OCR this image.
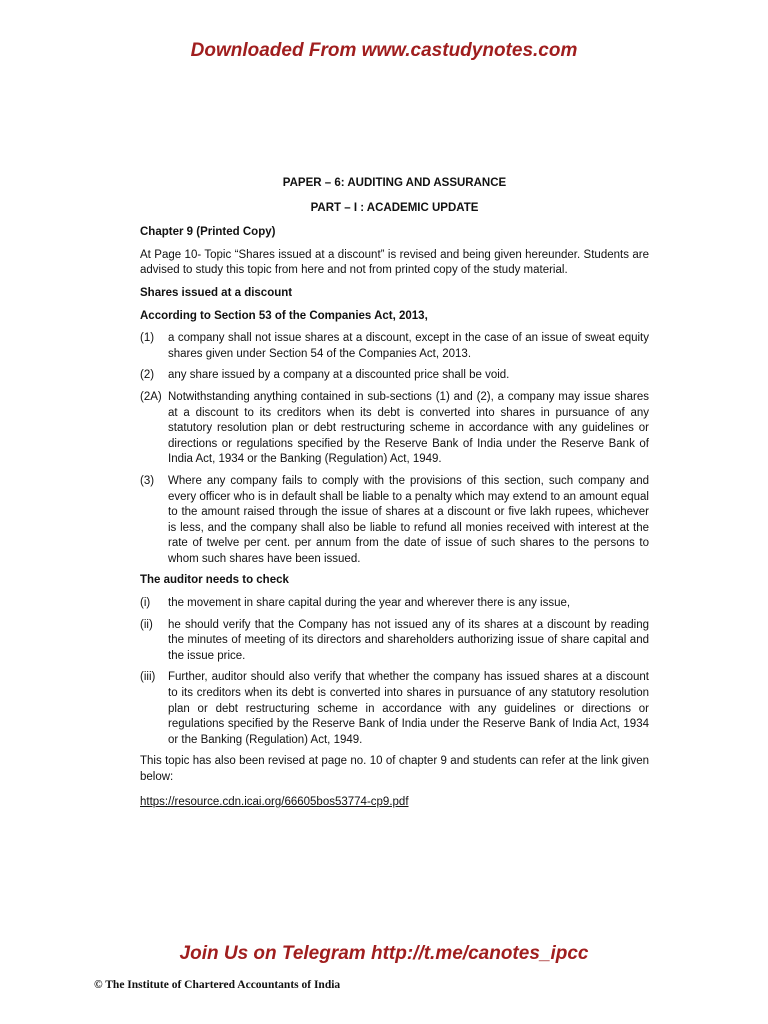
Downloaded From www.castudynotes.com
PAPER – 6: AUDITING AND ASSURANCE
PART – I : ACADEMIC UPDATE
Chapter 9 (Printed Copy)

At Page 10- Topic “Shares issued at a discount” is revised and being given hereunder. Students are advised to study this topic from here and not from printed copy of the study material.

Shares issued at a discount
According to Section 53 of the Companies Act, 2013,
(1)	a company shall not issue shares at a discount, except in the case of an issue of sweat equity shares given under Section 54 of the Companies Act, 2013.
(2)	any share issued by a company at a discounted price shall be void.
(2A) Notwithstanding anything contained in sub-sections (1) and (2), a company may issue shares at a discount to its creditors when its debt is converted into shares in pursuance of any statutory resolution plan or debt restructuring scheme in accordance with any guidelines or directions or regulations specified by the Reserve Bank of India under the Reserve Bank of India Act, 1934 or the Banking (Regulation) Act, 1949.
(3)	Where any company fails to comply with the provisions of this section, such company and every officer who is in default shall be liable to a penalty which may extend to an amount equal to the amount raised through the issue of shares at a discount or five lakh rupees, whichever is less, and the company shall also be liable to refund all monies received with interest at the rate of twelve per cent. per annum from the date of issue of such shares to the persons to whom such shares have been issued.
The auditor needs to check
(i)	the movement in share capital during the year and wherever there is any issue,
(ii)	he should verify that the Company has not issued any of its shares at a discount by reading the minutes of meeting of its directors and shareholders authorizing issue of share capital and the issue price.
(iii)	Further, auditor should also verify that whether the company has issued shares at a discount to its creditors when its debt is converted into shares in pursuance of any statutory resolution plan or debt restructuring scheme in accordance with any guidelines or directions or regulations specified by the Reserve Bank of India under the Reserve Bank of India Act, 1934 or the Banking (Regulation) Act, 1949.

This topic has also been revised at page no. 10 of chapter 9 and students can refer at the link given below:

https://resource.cdn.icai.org/66605bos53774-cp9.pdf
Join Us on Telegram http://t.me/canotes_ipcc
© The Institute of Chartered Accountants of India
